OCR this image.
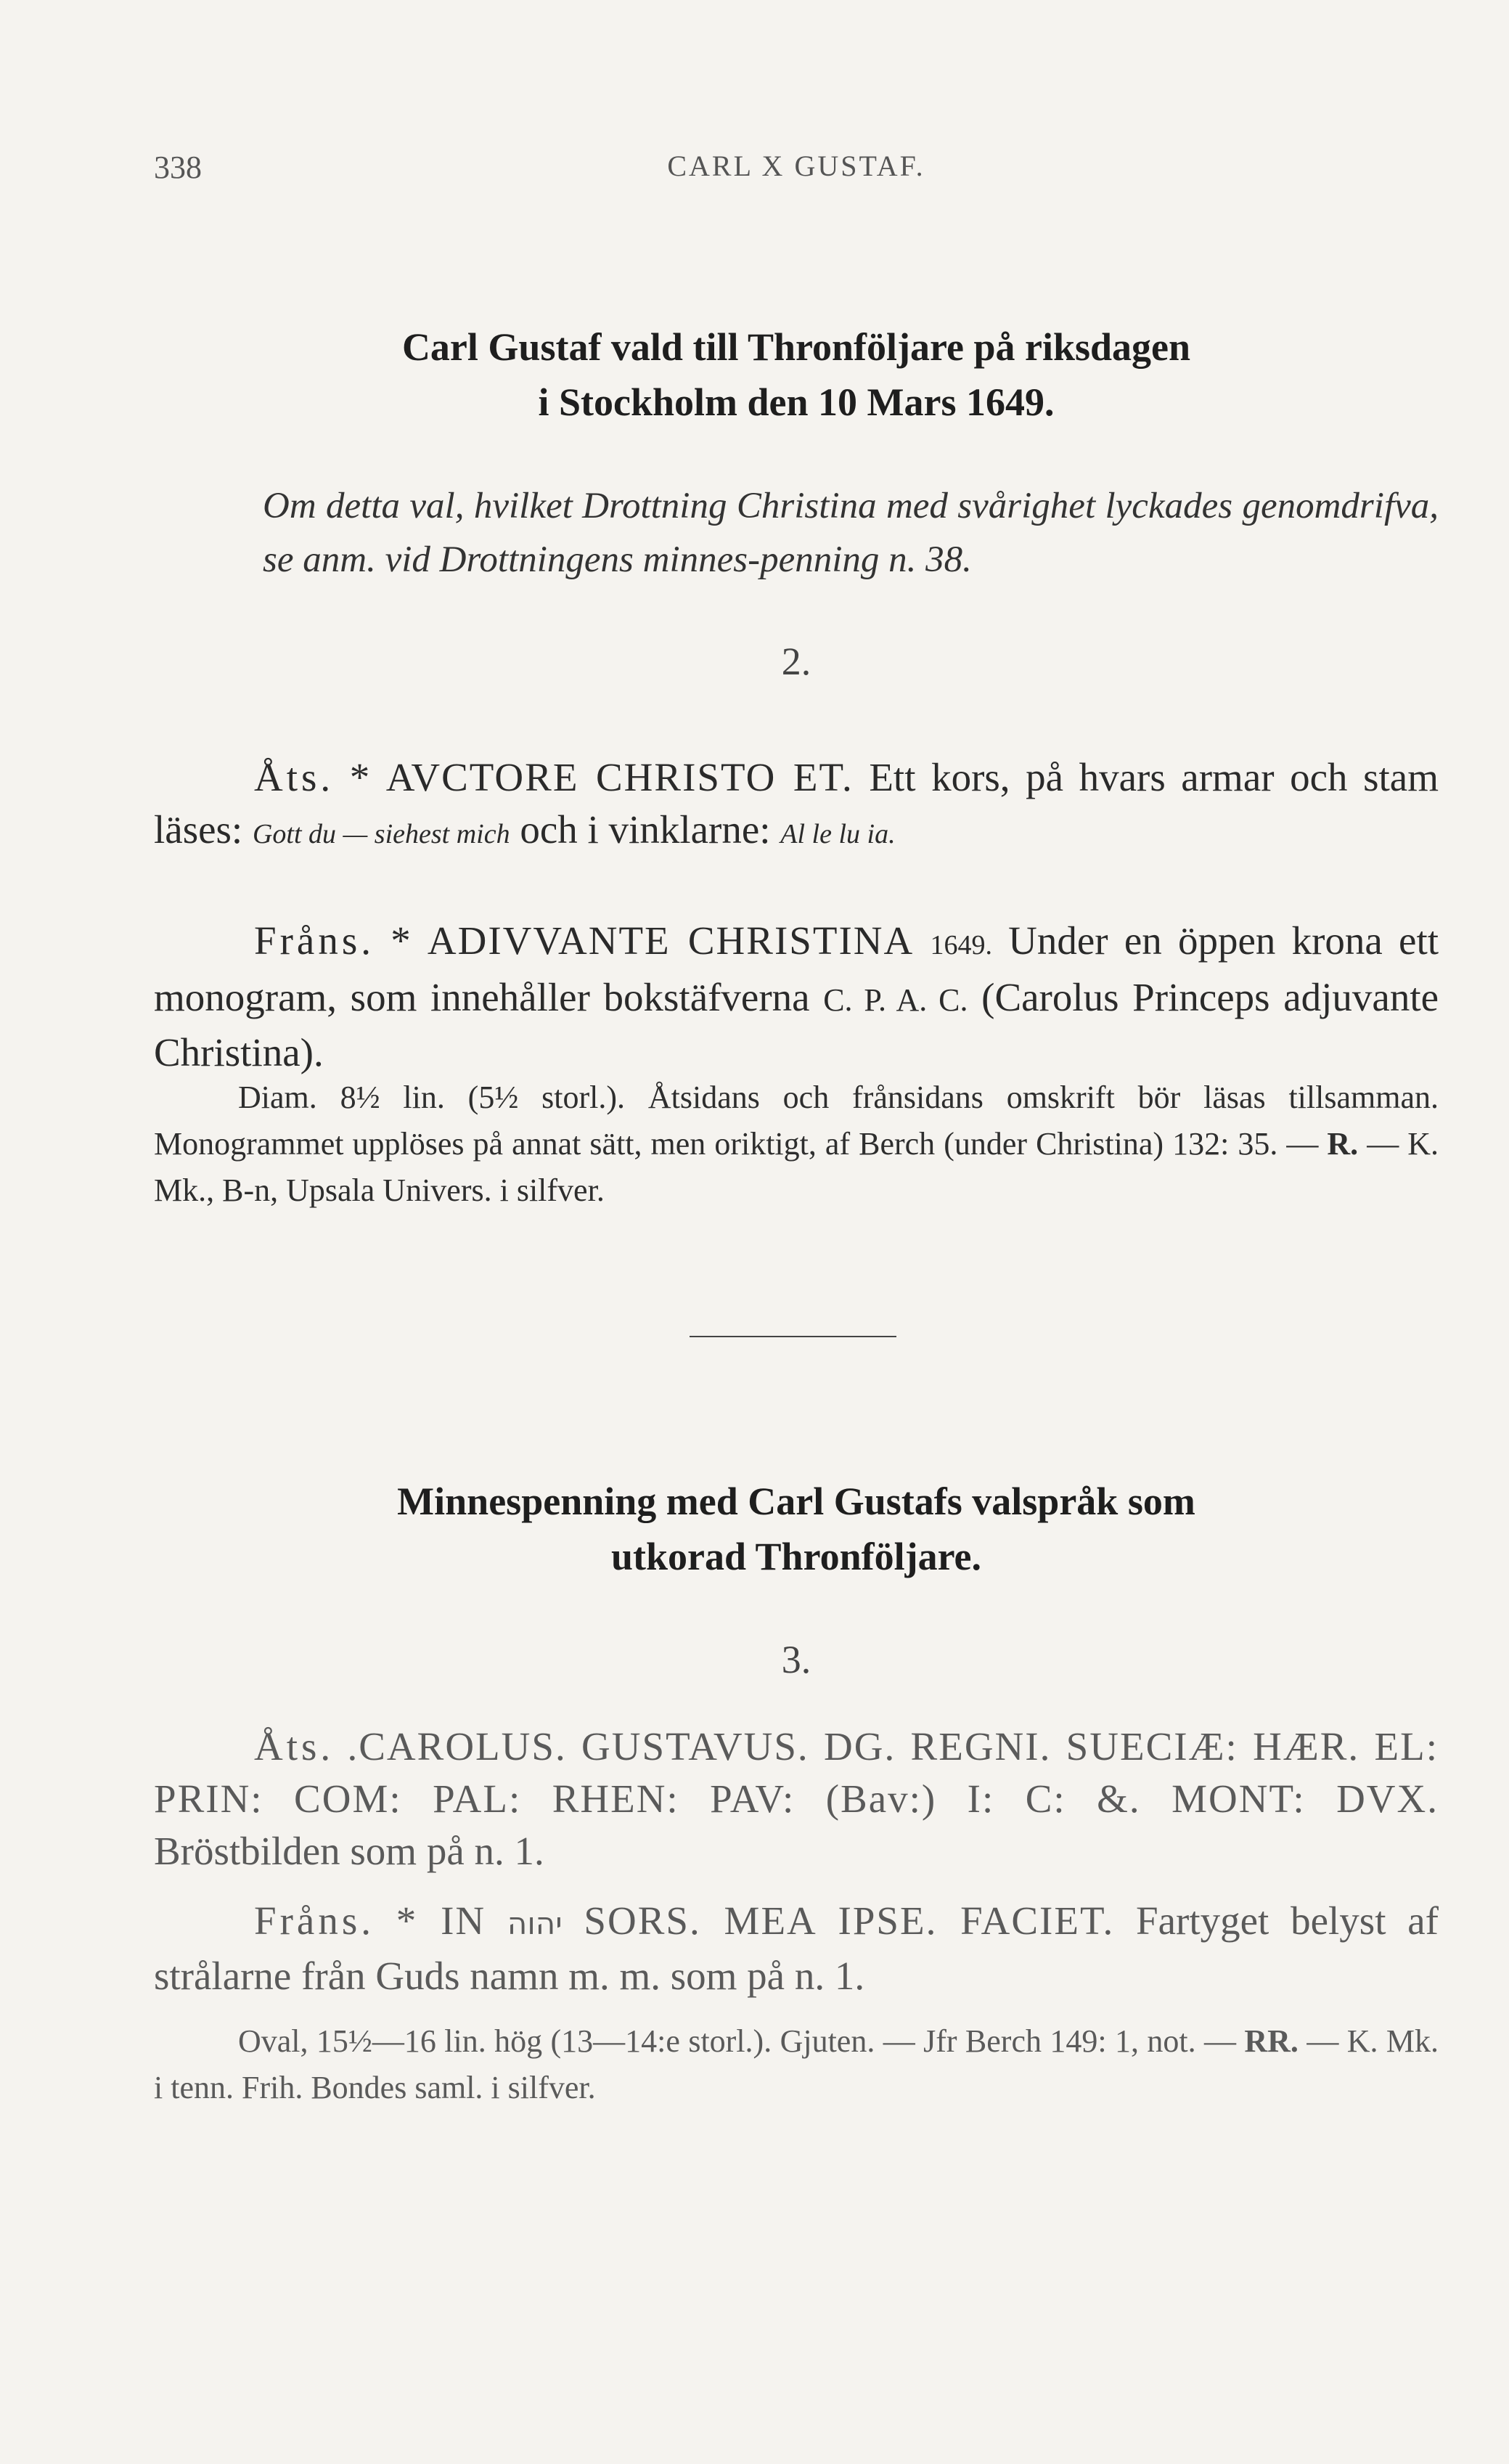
338	CARL X GUSTAF.
Carl Gustaf vald till Thronföljare på riksdagen
i Stockholm den 10 Mars 1649.
Om detta val, hvilket Drottning Christina med svårighet lyckades genomdrifva, se anm. vid Drottningens minnes-penning n. 38.
2.
Åts. * AVCTORE CHRISTO ET. Ett kors, på hvars armar och stam läses: Gott du — siehest mich och i vinklarne: Al le lu ia.
Fråns. * ADIVVANTE CHRISTINA 1649. Under en öppen krona ett monogram, som innehåller bokstäfverna C. P. A. C. (Carolus Princeps adjuvante Christina).
Diam. 8½ lin. (5½ storl.). Åtsidans och frånsidans omskrift bör läsas tillsamman. Monogrammet upplöses på annat sätt, men oriktigt, af Berch (under Christina) 132: 35. — R. — K. Mk., B-n, Upsala Univers. i silfver.
Minnespenning med Carl Gustafs valspråk som
utkorad Thronföljare.
3.
Åts. .CAROLUS. GUSTAVUS. DG. REGNI. SUECIÆ: HÆR. EL: PRIN: COM: PAL: RHEN: PAV: (Bav:) I: C: &. MONT: DVX. Bröstbilden som på n. 1.
Fråns. * IN יהוה SORS. MEA IPSE. FACIET. Fartyget belyst af strålarne från Guds namn m. m. som på n. 1.
Oval, 15½—16 lin. hög (13—14:e storl.). Gjuten. — Jfr Berch 149: 1, not. — RR. — K. Mk. i tenn. Frih. Bondes saml. i silfver.
